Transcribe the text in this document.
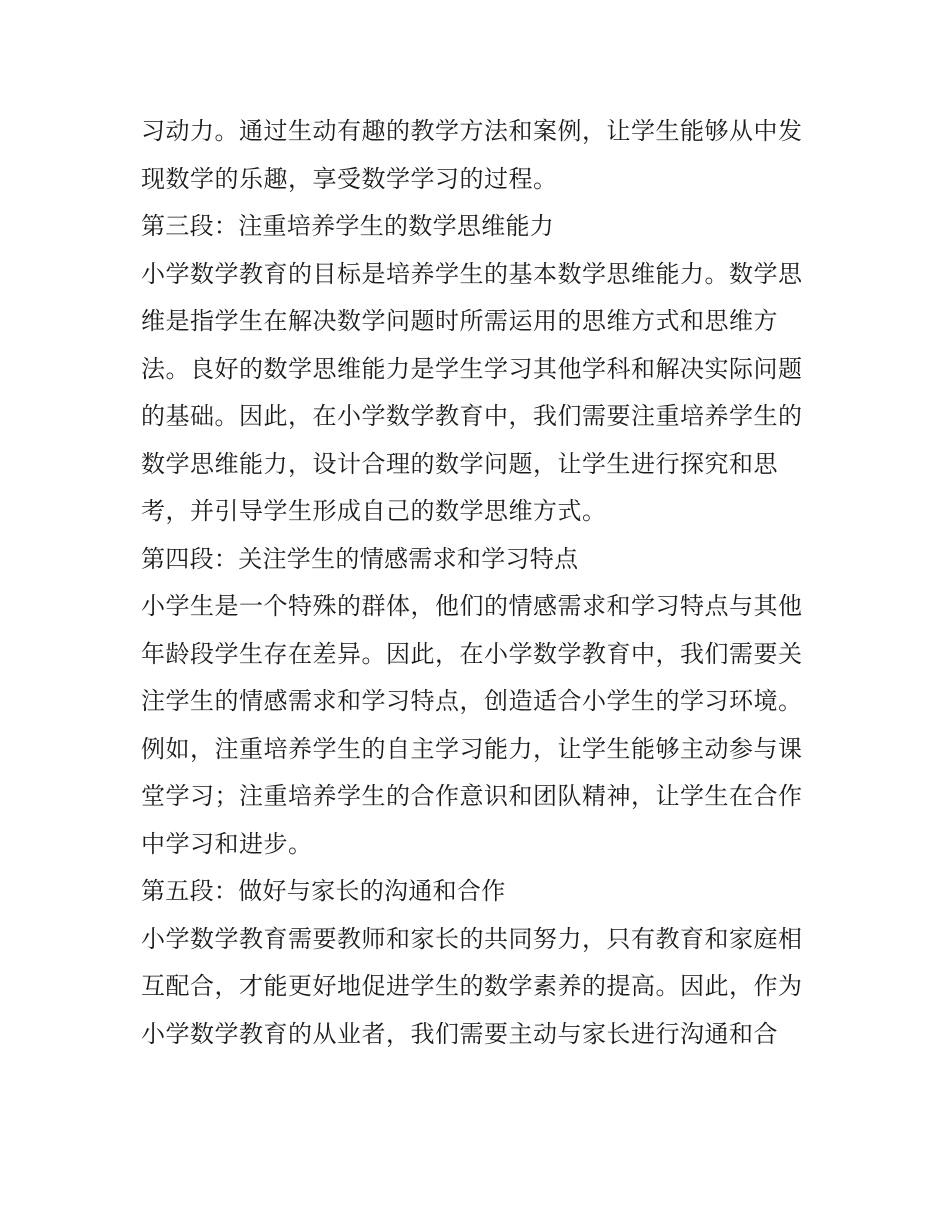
习动力。通过生动有趣的教学方法和案例，让学生能够从中发
现数学的乐趣，享受数学学习的过程。
第三段：注重培养学生的数学思维能力
小学数学教育的目标是培养学生的基本数学思维能力。数学思
维是指学生在解决数学问题时所需运用的思维方式和思维方
法。良好的数学思维能力是学生学习其他学科和解决实际问题
的基础。因此，在小学数学教育中，我们需要注重培养学生的
数学思维能力，设计合理的数学问题，让学生进行探究和思
考，并引导学生形成自己的数学思维方式。
第四段：关注学生的情感需求和学习特点
小学生是一个特殊的群体，他们的情感需求和学习特点与其他
年龄段学生存在差异。因此，在小学数学教育中，我们需要关
注学生的情感需求和学习特点，创造适合小学生的学习环境。
例如，注重培养学生的自主学习能力，让学生能够主动参与课
堂学习；注重培养学生的合作意识和团队精神，让学生在合作
中学习和进步。
第五段：做好与家长的沟通和合作
小学数学教育需要教师和家长的共同努力，只有教育和家庭相
互配合，才能更好地促进学生的数学素养的提高。因此，作为
小学数学教育的从业者，我们需要主动与家长进行沟通和合
